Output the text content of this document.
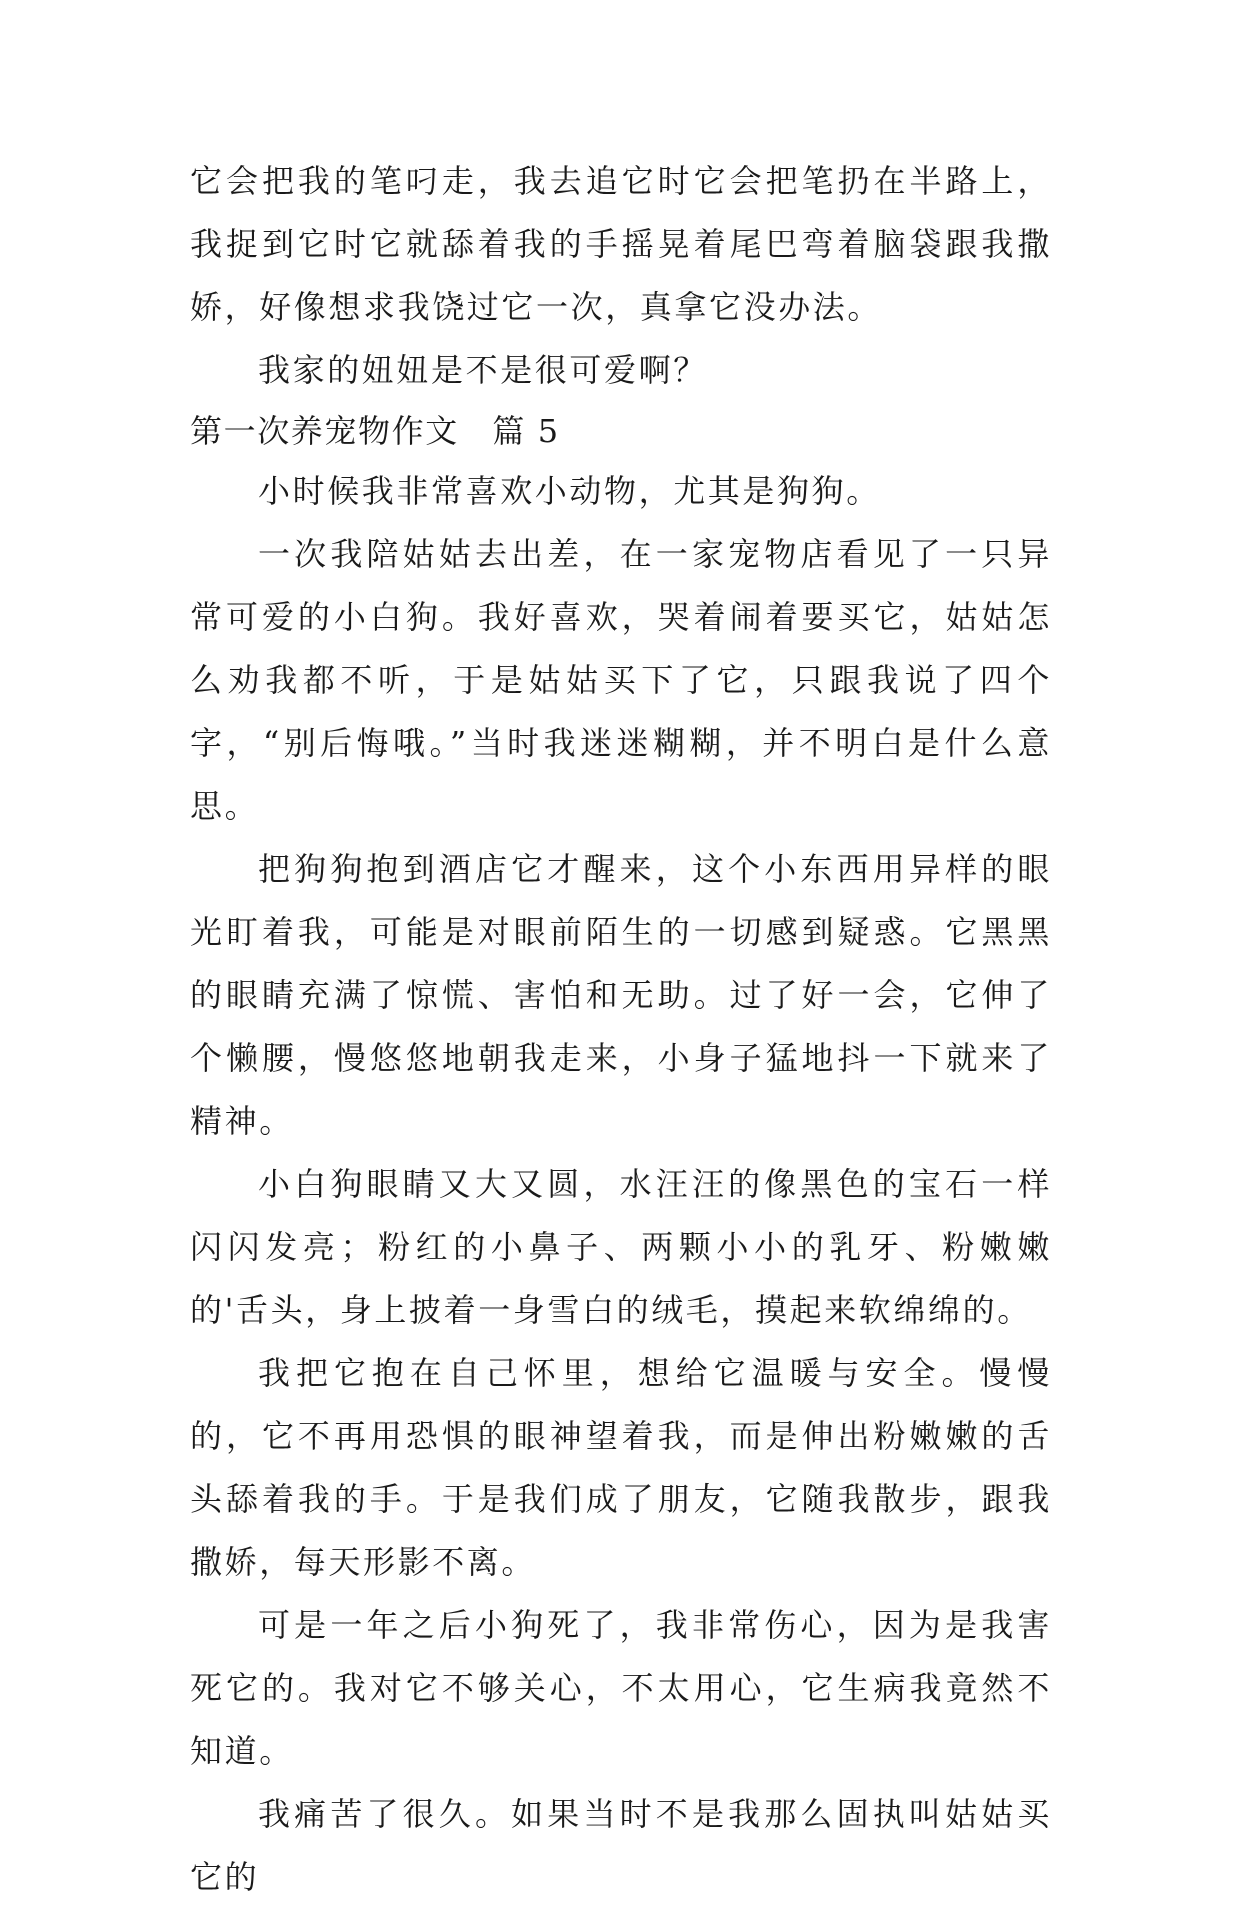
它会把我的笔叼走，我去追它时它会把笔扔在半路上，我捉到它时它就舔着我的手摇晃着尾巴弯着脑袋跟我撒娇，好像想求我饶过它一次，真拿它没办法。

我家的妞妞是不是很可爱啊？

第一次养宠物作文　篇 5

小时候我非常喜欢小动物，尤其是狗狗。

一次我陪姑姑去出差，在一家宠物店看见了一只异常可爱的小白狗。我好喜欢，哭着闹着要买它，姑姑怎么劝我都不听，于是姑姑买下了它，只跟我说了四个字，“别后悔哦。”当时我迷迷糊糊，并不明白是什么意思。

把狗狗抱到酒店它才醒来，这个小东西用异样的眼光盯着我，可能是对眼前陌生的一切感到疑惑。它黑黑的眼睛充满了惊慌、害怕和无助。过了好一会，它伸了个懒腰，慢悠悠地朝我走来，小身子猛地抖一下就来了精神。

小白狗眼睛又大又圆，水汪汪的像黑色的宝石一样闪闪发亮；粉红的小鼻子、两颗小小的乳牙、粉嫩嫩的'舌头，身上披着一身雪白的绒毛，摸起来软绵绵的。

我把它抱在自己怀里，想给它温暖与安全。慢慢的，它不再用恐惧的眼神望着我，而是伸出粉嫩嫩的舌头舔着我的手。于是我们成了朋友，它随我散步，跟我撒娇，每天形影不离。

可是一年之后小狗死了，我非常伤心，因为是我害死它的。我对它不够关心，不太用心，它生病我竟然不知道。

我痛苦了很久。如果当时不是我那么固执叫姑姑买它的
